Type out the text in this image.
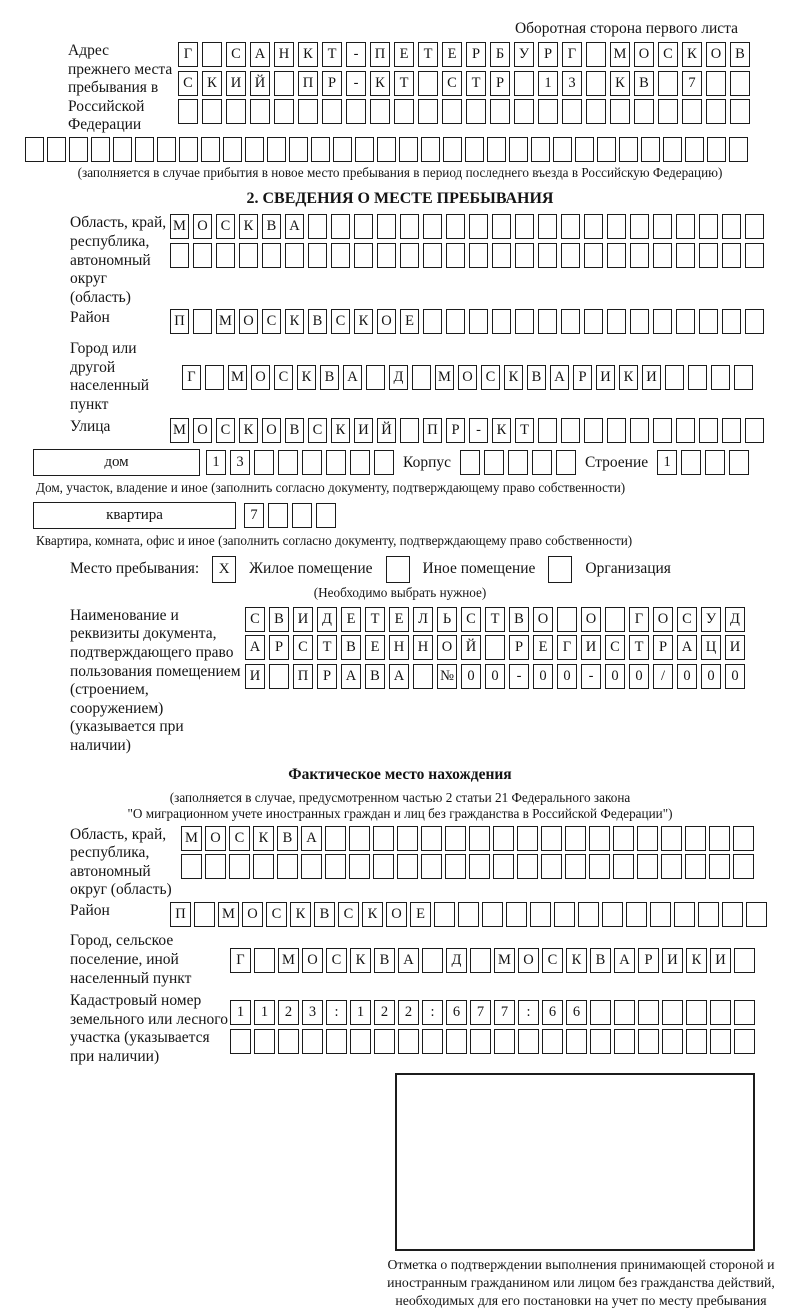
Оборотная сторона первого листа
Адрес прежнего места пребывания в Российской Федерации
Г	С А Н К	Т	-	П Е	Т	Е	Р	Б	У	Р	Г	М О С К О В
С К И Й	П	Р	-	К	Т	С	Т	Р	1	3	К В	7
(заполняется в случае прибытия в новое место пребывания в период последнего въезда в Российскую Федерацию)
2. СВЕДЕНИЯ О МЕСТЕ ПРЕБЫВАНИЯ
Область, край, республика, автономный округ (область)
М О С К В А
Район	П М О С К В С К О Е
Город или другой населенный пункт
Г	М О С К В А	Д	М О С К В А Р И К И
Улица	М О С К О В С К И Й П Р	-	К Т
дом	1	3	Корпус	Строение	1
Дом, участок, владение и иное (заполнить согласно документу, подтверждающему право собственности)
квартира	7
Квартира, комната, офис и иное (заполнить согласно документу, подтверждающему право собственности)
Место пребывания:	X	Жилое помещение	Иное помещение	Организация
(Необходимо выбрать нужное)
Наименование и реквизиты документа, подтверждающего право пользования помещением (строением, сооружением) (указывается при наличии)
С В И Д	Е	Т	Е	Л	Ь	С	Т	В О	О	Г	О С У Д
А	Р	С	Т	В	Е Н Н О Й	Р	Е	Г	И С	Т	Р	А Ц И
И	П	Р	А В А	№ 0	0	-	0	0	-	0	0	/	0	0	0
Фактическое место нахождения
(заполняется в случае, предусмотренном частью 2 статьи 21 Федерального закона
"О миграционном учете иностранных граждан и лиц без гражданства в Российской Федерации")
Область, край, республика, автономный округ (область)
М О С К В А
Район	П	М О С К В С К О Е
Город, сельское поселение, иной населенный пункт
Г	М О С К В А	Д	М О С К В А	Р	И К И
Кадастровый номер земельного или лесного участка (указывается при наличии)
1	1	2	3	:	1	2	2	:	6	7	7	:	6	6
Отметка о подтверждении выполнения принимающей стороной и иностранным гражданином или лицом без гражданства действий, необходимых для его постановки на учет по месту пребывания
